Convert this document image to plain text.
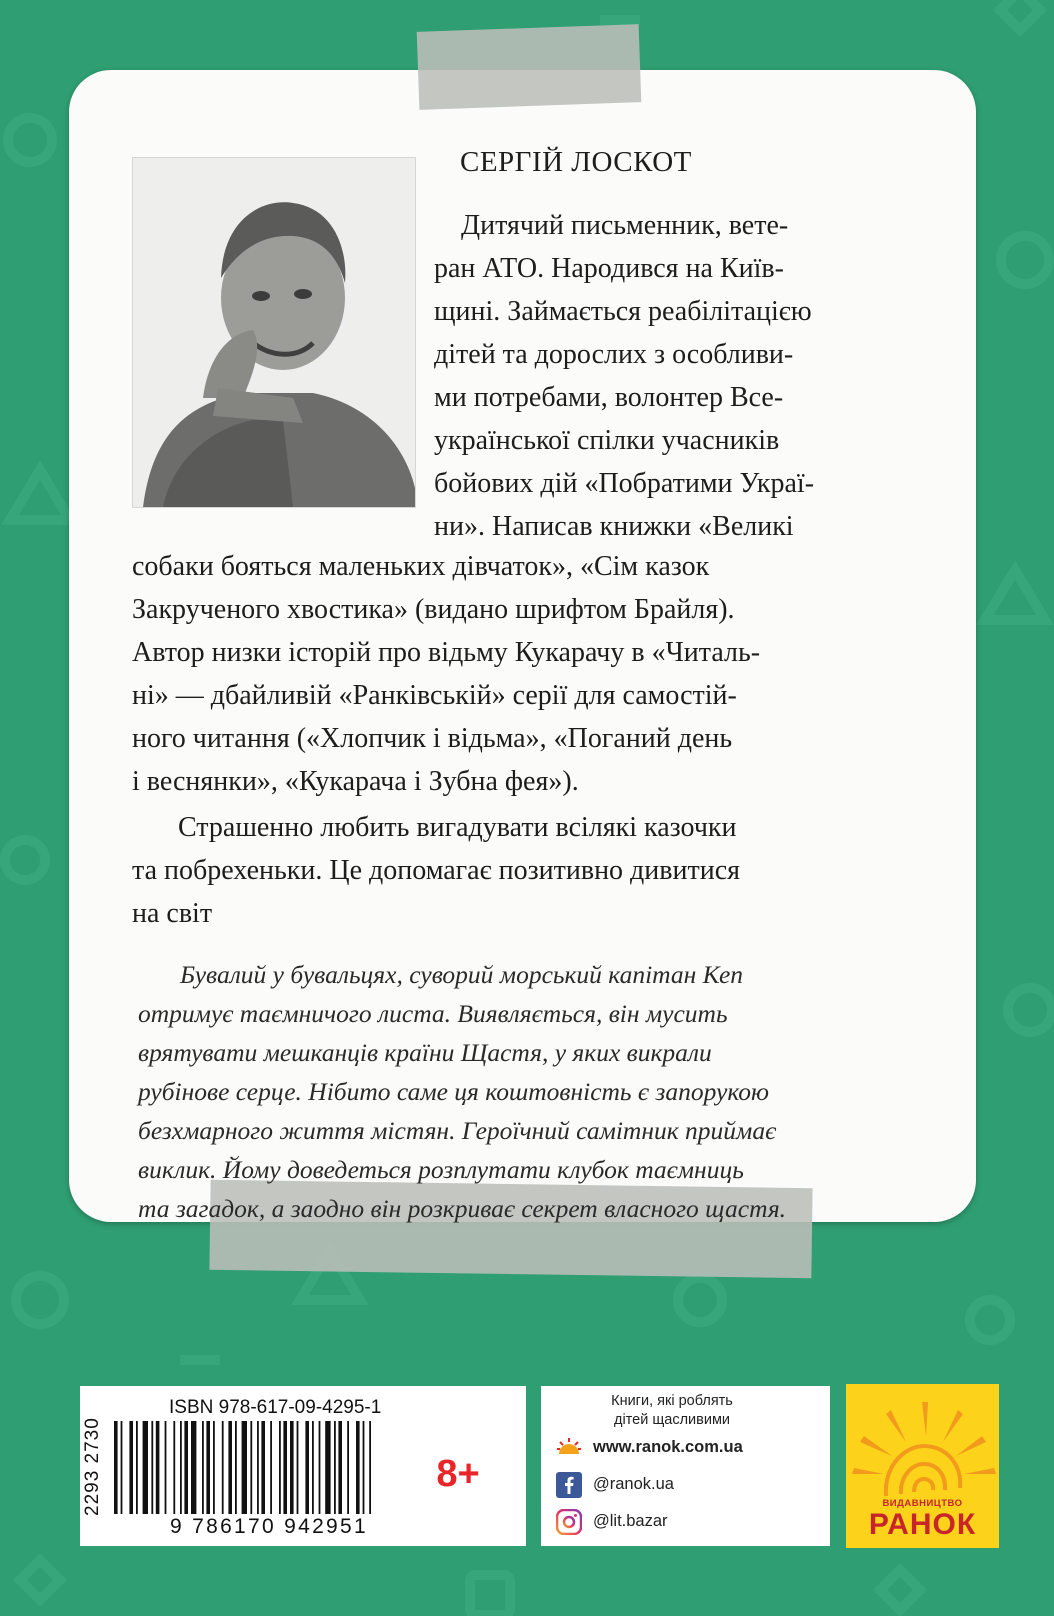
СЕРГІЙ ЛОСКОТ
Дитячий письменник, вете-
ран АТО. Народився на Київ-
щині. Займається реабілітацією
дітей та дорослих з особливи-
ми потребами, волонтер Все-
української спілки учасників
бойових дій «Побратими Украї-
ни». Написав книжки «Великі
собаки бояться маленьких дівчаток», «Сім казок
Закрученого хвостика» (видано шрифтом Брайля).
Автор низки історій про відьму Кукарачу в «Читаль-
ні» — дбайливій «Ранківській» серії для самостій-
ного читання («Хлопчик і відьма», «Поганий день
і веснянки», «Кукарача і Зубна фея»).
Страшенно любить вигадувати всілякі казочки
та побрехеньки. Це допомагає позитивно дивитися
на світ
Бувалий у бувальцях, суворий морський капітан Кеп
отримує таємничого листа. Виявляється, він мусить
врятувати мешканців країни Щастя, у яких викрали
рубінове серце. Нібито саме ця коштовність є запорукою
безхмарного життя містян. Героїчний самітник приймає
виклик. Йому доведеться розплутати клубок таємниць
та загадок, а заодно він розкриває секрет власного щастя.
2293 2730
ISBN 978-617-09-4295-1
9 786170 942951
8+
Книги, які роблять
дітей щасливими
www.ranok.com.ua
@ranok.ua
@lit.bazar
ВИДАВНИЦТВО
РАНОК
